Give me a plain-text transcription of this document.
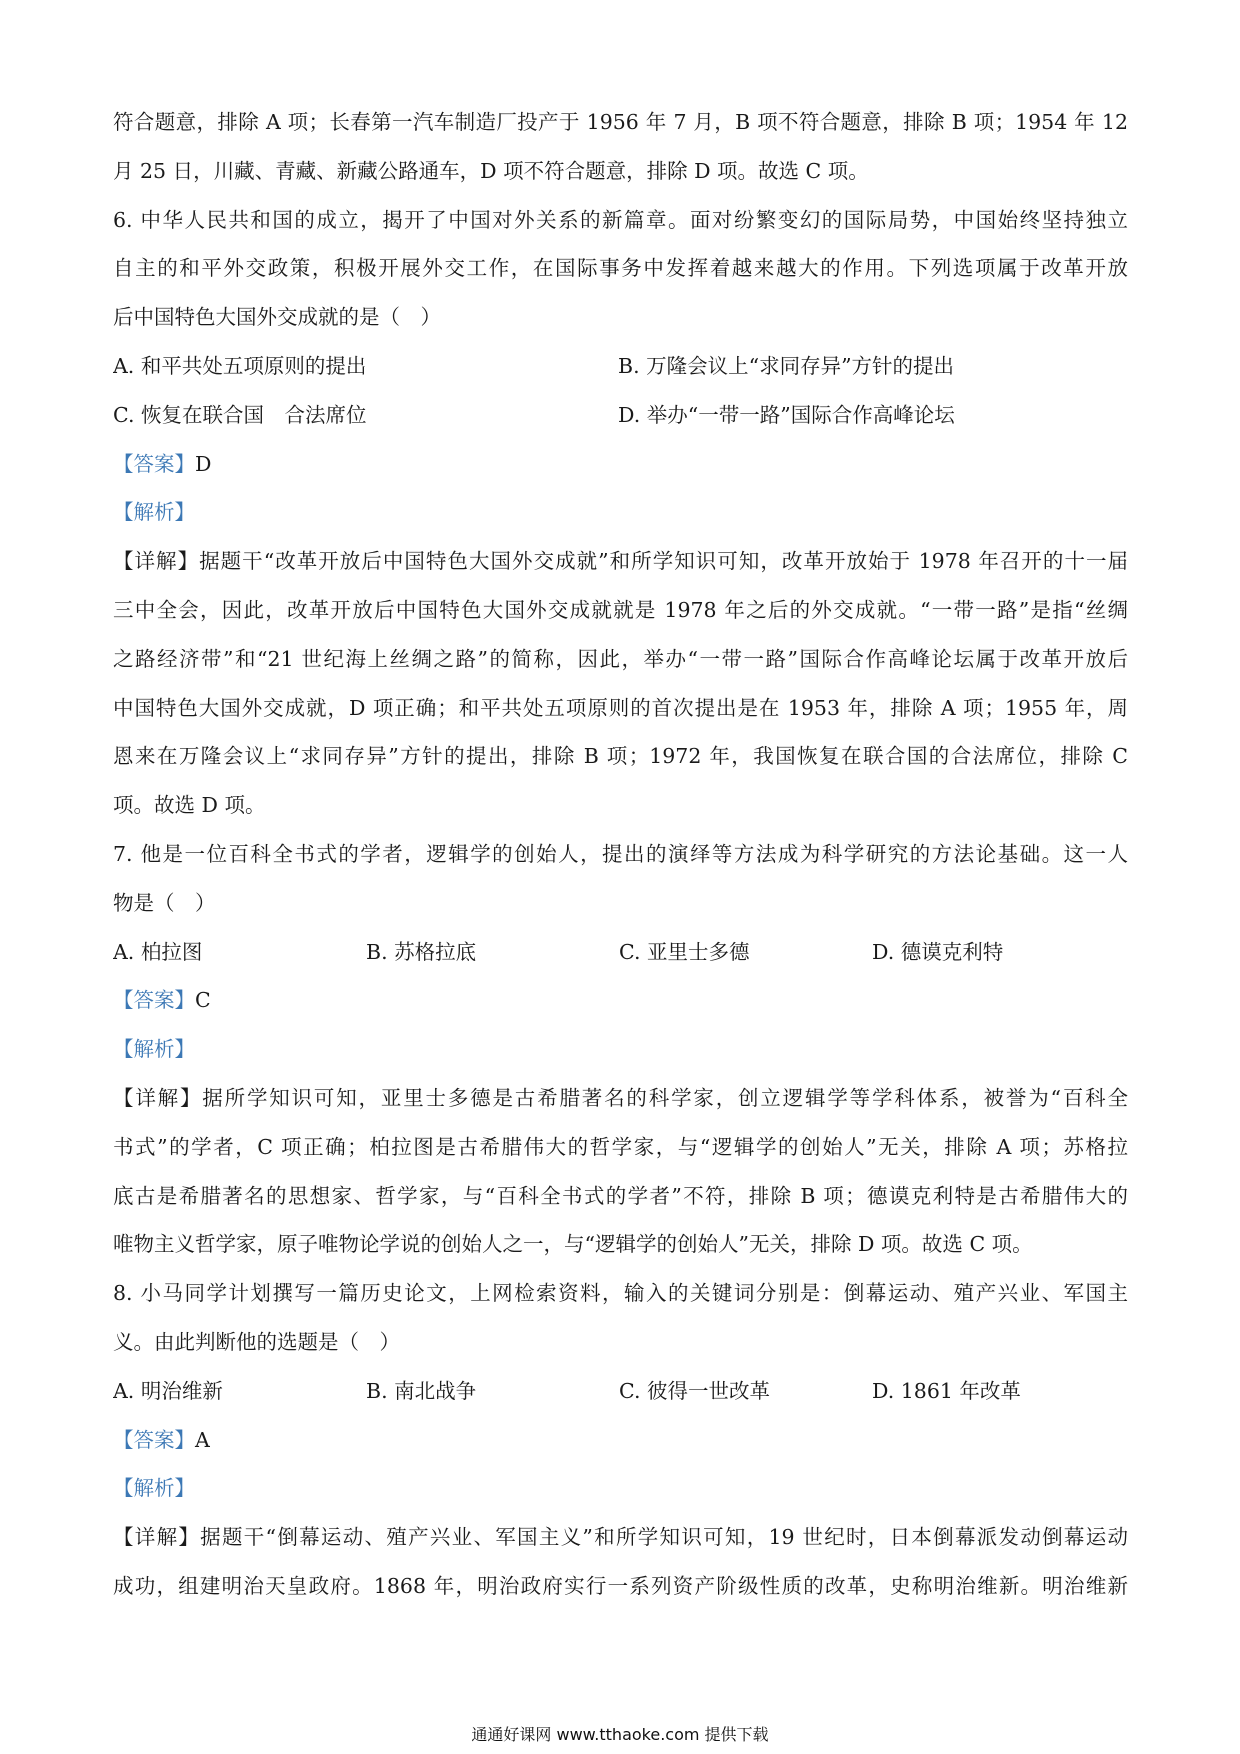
符合题意，排除 A 项；长春第一汽车制造厂投产于 1956 年 7 月，B 项不符合题意，排除 B 项；1954 年 12
月 25 日，川藏、青藏、新藏公路通车，D 项不符合题意，排除 D 项。故选 C 项。
6. 中华人民共和国的成立，揭开了中国对外关系的新篇章。面对纷繁变幻的国际局势，中国始终坚持独立
自主的和平外交政策，积极开展外交工作，在国际事务中发挥着越来越大的作用。下列选项属于改革开放
后中国特色大国外交成就的是（　）
A. 和平共处五项原则的提出	B. 万隆会议上“求同存异”方针的提出
C. 恢复在联合国　合法席位	D. 举办“一带一路”国际合作高峰论坛
【答案】D
【解析】
【详解】据题干“改革开放后中国特色大国外交成就”和所学知识可知，改革开放始于 1978 年召开的十一届
三中全会，因此，改革开放后中国特色大国外交成就就是 1978 年之后的外交成就。“一带一路”是指“丝绸
之路经济带”和“21 世纪海上丝绸之路”的简称，因此，举办“一带一路”国际合作高峰论坛属于改革开放后
中国特色大国外交成就，D 项正确；和平共处五项原则的首次提出是在 1953 年，排除 A 项；1955 年，周
恩来在万隆会议上“求同存异”方针的提出，排除 B 项；1972 年，我国恢复在联合国的合法席位，排除 C
项。故选 D 项。
7. 他是一位百科全书式的学者，逻辑学的创始人，提出的演绎等方法成为科学研究的方法论基础。这一人
物是（　）
A. 柏拉图	B. 苏格拉底	C. 亚里士多德	D. 德谟克利特
【答案】C
【解析】
【详解】据所学知识可知，亚里士多德是古希腊著名的科学家，创立逻辑学等学科体系，被誉为“百科全
书式”的学者，C 项正确；柏拉图是古希腊伟大的哲学家，与“逻辑学的创始人”无关，排除 A 项；苏格拉
底古是希腊著名的思想家、哲学家，与“百科全书式的学者”不符，排除 B 项；德谟克利特是古希腊伟大的
唯物主义哲学家，原子唯物论学说的创始人之一，与“逻辑学的创始人”无关，排除 D 项。故选 C 项。
8. 小马同学计划撰写一篇历史论文，上网检索资料，输入的关键词分别是：倒幕运动、殖产兴业、军国主
义。由此判断他的选题是（　）
A. 明治维新	B. 南北战争	C. 彼得一世改革	D. 1861 年改革
【答案】A
【解析】
【详解】据题干“倒幕运动、殖产兴业、军国主义”和所学知识可知，19 世纪时，日本倒幕派发动倒幕运动
成功，组建明治天皇政府。1868 年，明治政府实行一系列资产阶级性质的改革，史称明治维新。明治维新
通通好课网 www.tthaoke.com 提供下载
